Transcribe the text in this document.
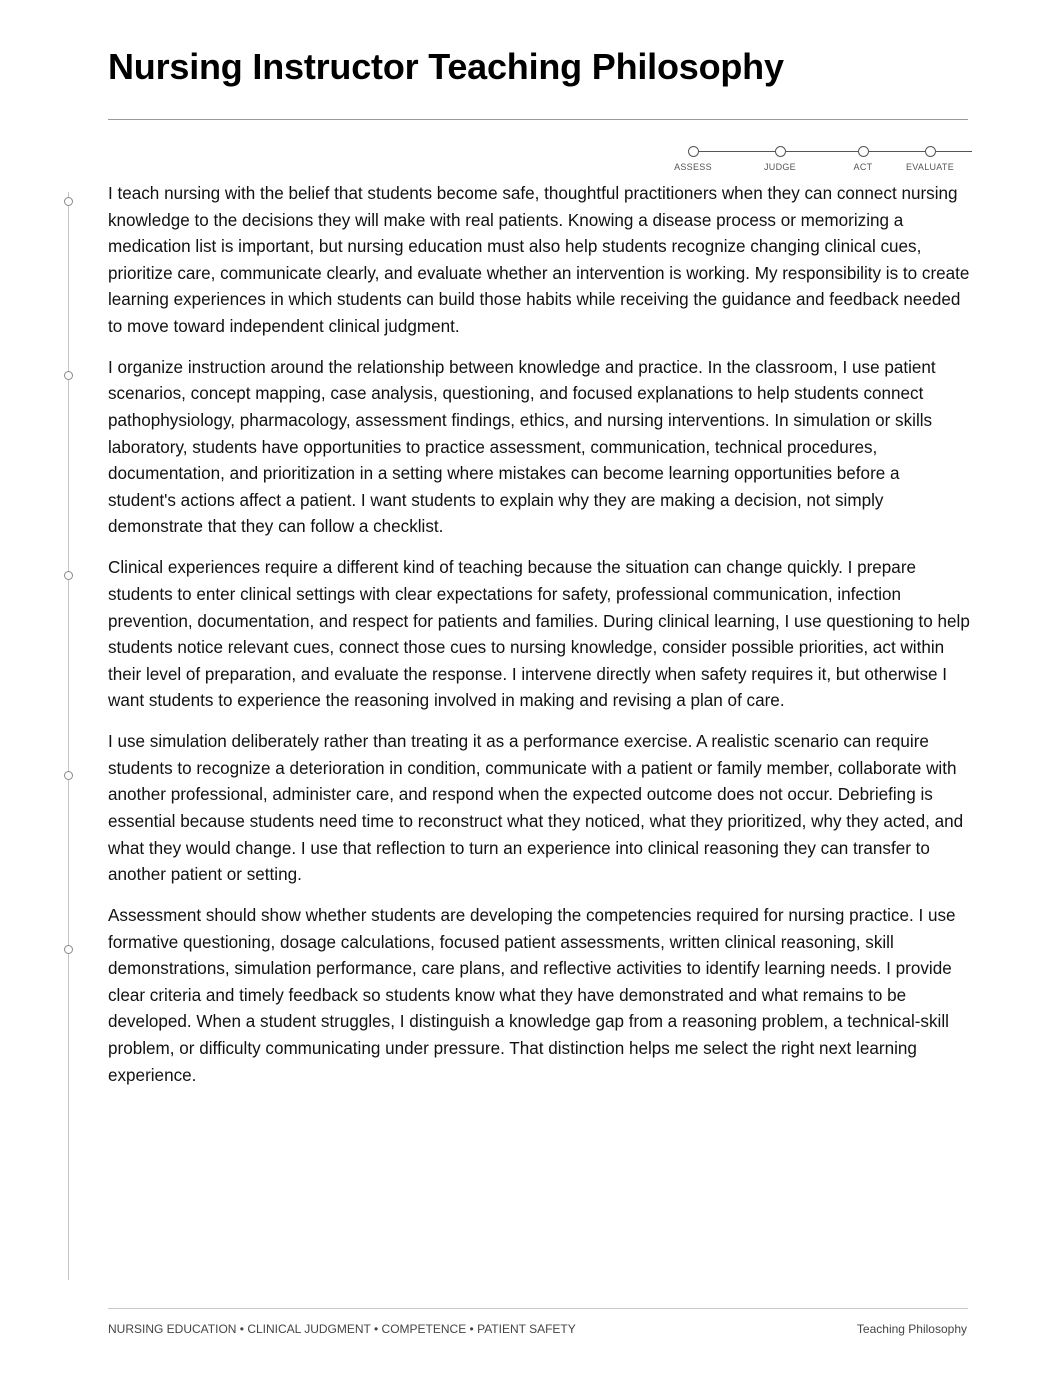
Nursing Instructor Teaching Philosophy
ASSESS	JUDGE	ACT	EVALUATE

I teach nursing with the belief that students become safe, thoughtful practitioners when they can connect nursing knowledge to the decisions they will make with real patients. Knowing a disease process or memorizing a medication list is important, but nursing education must also help students recognize changing clinical cues, prioritize care, communicate clearly, and evaluate whether an intervention is working. My responsibility is to create learning experiences in which students can build those habits while receiving the guidance and feedback needed to move toward independent clinical judgment.

I organize instruction around the relationship between knowledge and practice. In the classroom, I use patient scenarios, concept mapping, case analysis, questioning, and focused explanations to help students connect pathophysiology, pharmacology, assessment findings, ethics, and nursing interventions. In simulation or skills laboratory, students have opportunities to practice assessment, communication, technical procedures, documentation, and prioritization in a setting where mistakes can become learning opportunities before a student's actions affect a patient. I want students to explain why they are making a decision, not simply demonstrate that they can follow a checklist.

Clinical experiences require a different kind of teaching because the situation can change quickly. I prepare students to enter clinical settings with clear expectations for safety, professional communication, infection prevention, documentation, and respect for patients and families. During clinical learning, I use questioning to help students notice relevant cues, connect those cues to nursing knowledge, consider possible priorities, act within their level of preparation, and evaluate the response. I intervene directly when safety requires it, but otherwise I want students to experience the reasoning involved in making and revising a plan of care.

I use simulation deliberately rather than treating it as a performance exercise. A realistic scenario can require students to recognize a deterioration in condition, communicate with a patient or family member, collaborate with another professional, administer care, and respond when the expected outcome does not occur. Debriefing is essential because students need time to reconstruct what they noticed, what they prioritized, why they acted, and what they would change. I use that reflection to turn an experience into clinical reasoning they can transfer to another patient or setting.

Assessment should show whether students are developing the competencies required for nursing practice. I use formative questioning, dosage calculations, focused patient assessments, written clinical reasoning, skill demonstrations, simulation performance, care plans, and reflective activities to identify learning needs. I provide clear criteria and timely feedback so students know what they have demonstrated and what remains to be developed. When a student struggles, I distinguish a knowledge gap from a reasoning problem, a technical-skill problem, or difficulty communicating under pressure. That distinction helps me select the right next learning experience.

NURSING EDUCATION • CLINICAL JUDGMENT • COMPETENCE • PATIENT SAFETY	Teaching Philosophy
